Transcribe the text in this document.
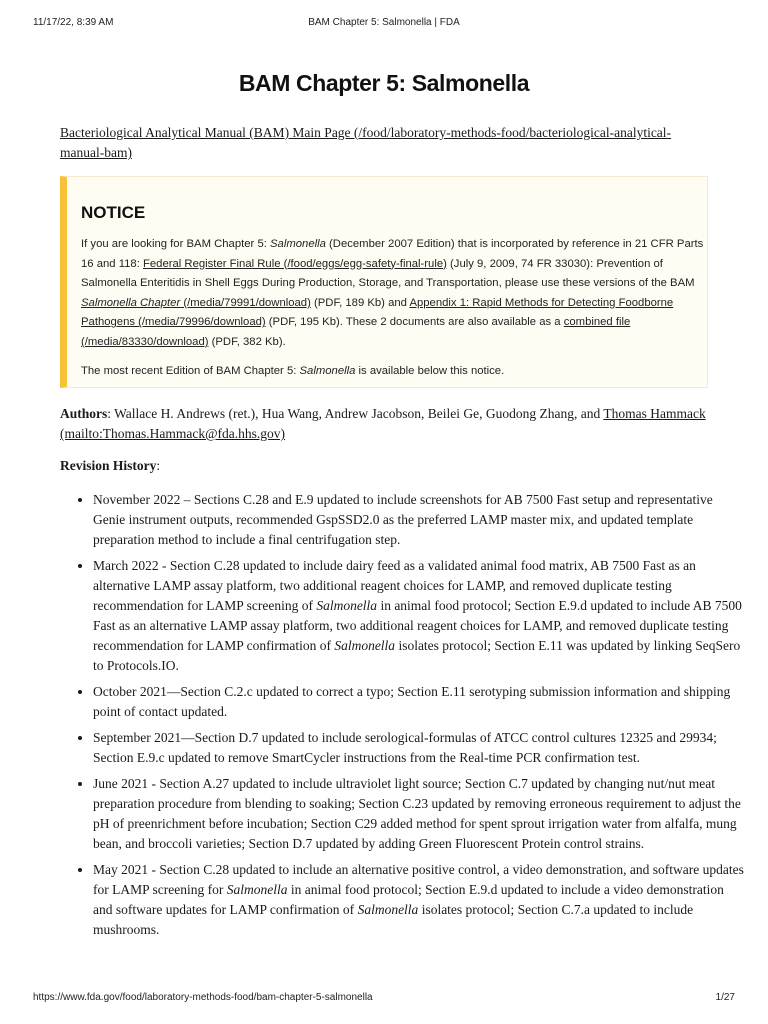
11/17/22, 8:39 AM	BAM Chapter 5: Salmonella | FDA
BAM Chapter 5: Salmonella
Bacteriological Analytical Manual (BAM) Main Page (/food/laboratory-methods-food/bacteriological-analytical-manual-bam)
NOTICE
If you are looking for BAM Chapter 5: Salmonella (December 2007 Edition) that is incorporated by reference in 21 CFR Parts 16 and 118: Federal Register Final Rule (/food/eggs/egg-safety-final-rule) (July 9, 2009, 74 FR 33030): Prevention of Salmonella Enteritidis in Shell Eggs During Production, Storage, and Transportation, please use these versions of the BAM Salmonella Chapter (/media/79991/download) (PDF, 189 Kb) and Appendix 1: Rapid Methods for Detecting Foodborne Pathogens (/media/79996/download) (PDF, 195 Kb). These 2 documents are also available as a combined file (/media/83330/download) (PDF, 382 Kb).
The most recent Edition of BAM Chapter 5: Salmonella is available below this notice.
Authors: Wallace H. Andrews (ret.), Hua Wang, Andrew Jacobson, Beilei Ge, Guodong Zhang, and Thomas Hammack (mailto:Thomas.Hammack@fda.hhs.gov)
Revision History:
• November 2022 – Sections C.28 and E.9 updated to include screenshots for AB 7500 Fast setup and representative Genie instrument outputs, recommended GspSSD2.0 as the preferred LAMP master mix, and updated template preparation method to include a final centrifugation step.
• March 2022 - Section C.28 updated to include dairy feed as a validated animal food matrix, AB 7500 Fast as an alternative LAMP assay platform, two additional reagent choices for LAMP, and removed duplicate testing recommendation for LAMP screening of Salmonella in animal food protocol; Section E.9.d updated to include AB 7500 Fast as an alternative LAMP assay platform, two additional reagent choices for LAMP, and removed duplicate testing recommendation for LAMP confirmation of Salmonella isolates protocol; Section E.11 was updated by linking SeqSero to Protocols.IO.
• October 2021—Section C.2.c updated to correct a typo; Section E.11 serotyping submission information and shipping point of contact updated.
• September 2021—Section D.7 updated to include serological-formulas of ATCC control cultures 12325 and 29934; Section E.9.c updated to remove SmartCycler instructions from the Real-time PCR confirmation test.
• June 2021 - Section A.27 updated to include ultraviolet light source; Section C.7 updated by changing nut/nut meat preparation procedure from blending to soaking; Section C.23 updated by removing erroneous requirement to adjust the pH of preenrichment before incubation; Section C29 added method for spent sprout irrigation water from alfalfa, mung bean, and broccoli varieties; Section D.7 updated by adding Green Fluorescent Protein control strains.
• May 2021 - Section C.28 updated to include an alternative positive control, a video demonstration, and software updates for LAMP screening for Salmonella in animal food protocol; Section E.9.d updated to include a video demonstration and software updates for LAMP confirmation of Salmonella isolates protocol; Section C.7.a updated to include mushrooms.
https://www.fda.gov/food/laboratory-methods-food/bam-chapter-5-salmonella	1/27
